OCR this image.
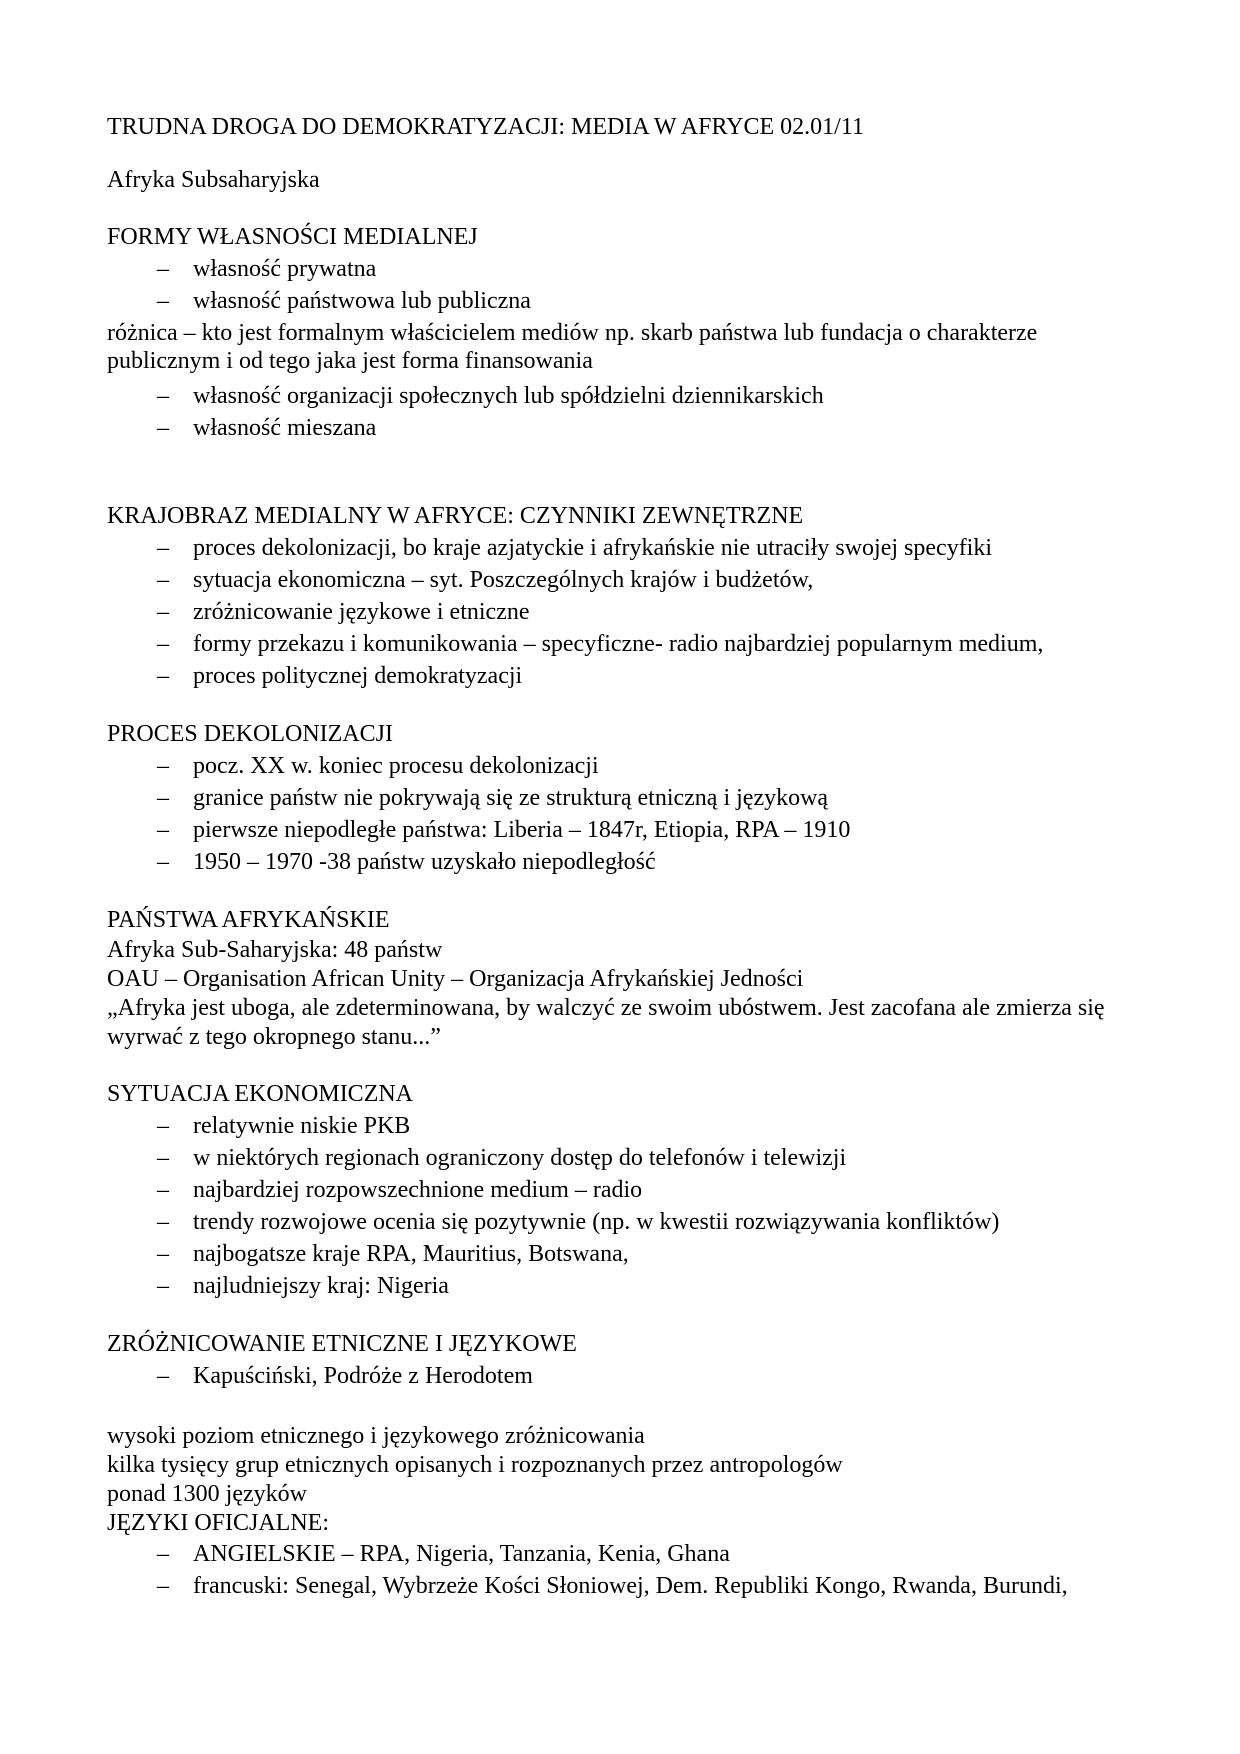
TRUDNA DROGA DO DEMOKRATYZACJI: MEDIA W AFRYCE 02.01/11

Afryka Subsaharyjska

FORMY WŁASNOŚCI MEDIALNEJ

–	własność prywatna
–	własność państwowa lub publiczna

różnica – kto jest formalnym właścicielem mediów np. skarb państwa lub fundacja o charakterze publicznym i od tego jaka jest forma finansowania

–	własność organizacji społecznych lub spółdzielni dziennikarskich
–	własność mieszana

KRAJOBRAZ MEDIALNY W AFRYCE: CZYNNIKI ZEWNĘTRZNE

–	proces dekolonizacji, bo kraje azjatyckie i afrykańskie nie utraciły swojej specyfiki
–	sytuacja ekonomiczna – syt. Poszczególnych krajów i budżetów,
–	zróżnicowanie językowe i etniczne
–	formy przekazu i komunikowania – specyficzne- radio najbardziej popularnym medium,
–	proces politycznej demokratyzacji

PROCES DEKOLONIZACJI

–	pocz. XX w. koniec procesu dekolonizacji
–	granice państw nie pokrywają się ze strukturą etniczną i językową
–	pierwsze niepodległe państwa: Liberia – 1847r, Etiopia, RPA – 1910
–	1950 – 1970 -38 państw uzyskało niepodległość

PAŃSTWA AFRYKAŃSKIE

Afryka Sub-Saharyjska: 48 państw

OAU – Organisation African Unity – Organizacja Afrykańskiej Jedności

„Afryka jest uboga, ale zdeterminowana, by walczyć ze swoim ubóstwem. Jest zacofana ale zmierza się wyrwać z tego okropnego stanu...”

SYTUACJA EKONOMICZNA

–	relatywnie niskie PKB
–	w niektórych regionach ograniczony dostęp do telefonów i telewizji
–	najbardziej rozpowszechnione medium – radio
–	trendy rozwojowe ocenia się pozytywnie (np. w kwestii rozwiązywania konfliktów)
–	najbogatsze kraje RPA, Mauritius, Botswana,
–	najludniejszy kraj: Nigeria

ZRÓŻNICOWANIE ETNICZNE I JĘZYKOWE

–	Kapuściński, Podróże z Herodotem

wysoki poziom etnicznego i językowego zróżnicowania

kilka tysięcy grup etnicznych opisanych i rozpoznanych przez antropologów

ponad 1300 języków

JĘZYKI OFICJALNE:

–	ANGIELSKIE – RPA, Nigeria, Tanzania, Kenia, Ghana
–	francuski: Senegal, Wybrzeże Kości Słoniowej, Dem. Republiki Kongo, Rwanda, Burundi,
